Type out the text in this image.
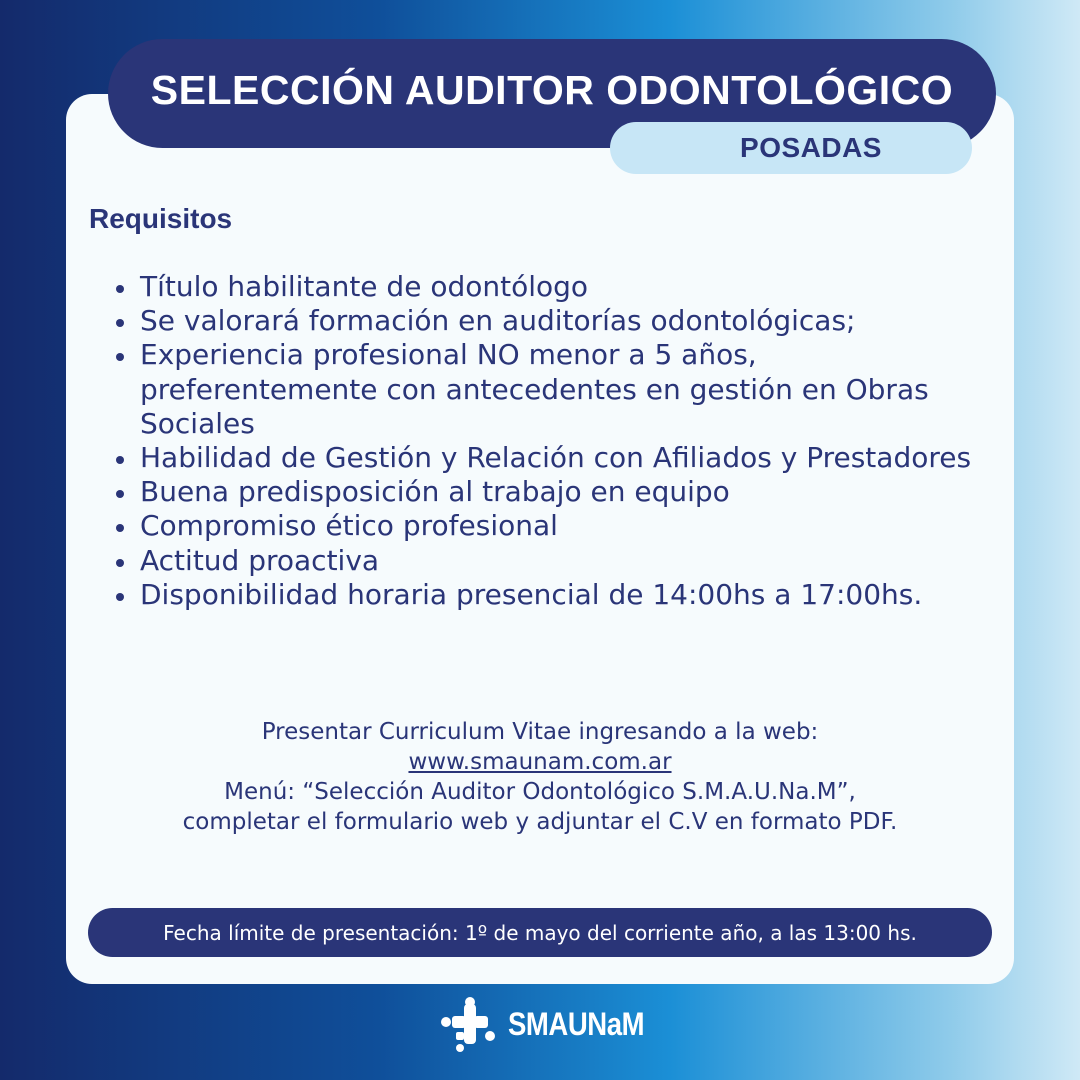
SELECCIÓN AUDITOR ODONTOLÓGICO
POSADAS
Requisitos
Título habilitante de odontólogo
Se valorará formación en auditorías odontológicas;
Experiencia profesional NO menor a 5 años, preferentemente con antecedentes en gestión en Obras Sociales
Habilidad de Gestión y Relación con Afiliados y Prestadores
Buena predisposición al trabajo en equipo
Compromiso ético profesional
Actitud proactiva
Disponibilidad horaria presencial de 14:00hs a 17:00hs.
Presentar Curriculum Vitae ingresando a la web:
www.smaunam.com.ar
Menú: “Selección Auditor Odontológico S.M.A.U.Na.M”,
completar el formulario web y adjuntar el C.V en formato PDF.
Fecha límite de presentación: 1º de mayo del corriente año, a las 13:00 hs.
SMAUNaM
